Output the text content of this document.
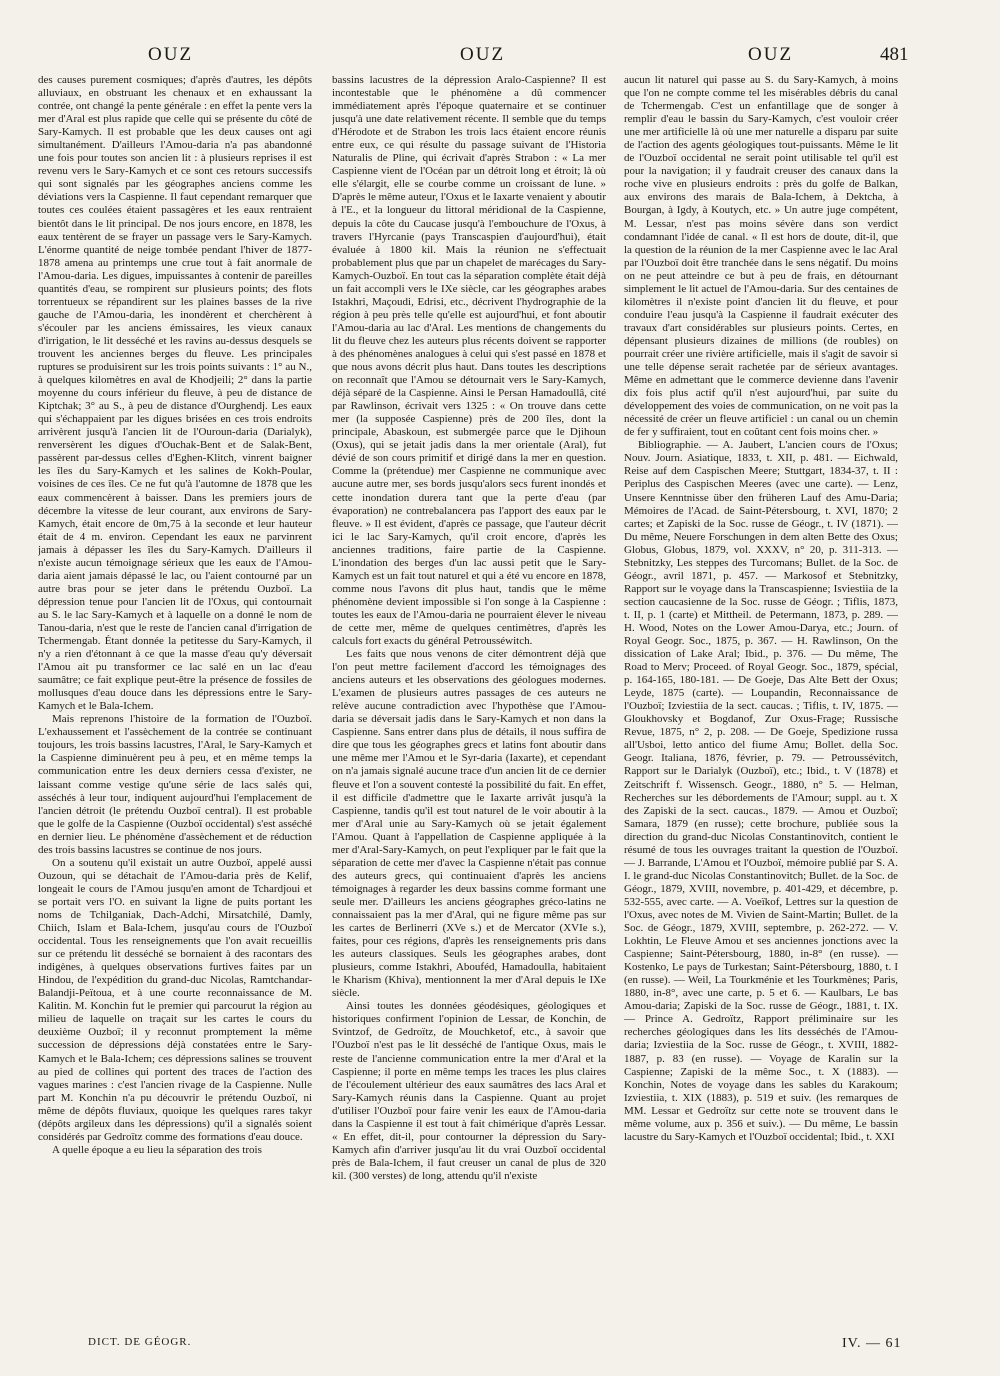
OUZ	OUZ	OUZ	481

des causes purement cosmiques; d'après d'autres, les dépôts alluviaux, en obstruant les chenaux et en exhaussant la contrée, ont changé la pente générale : en effet la pente vers la mer d'Aral est plus rapide que celle qui se présente du côté de Sary-Kamych. Il est probable que les deux causes ont agi simultanément. D'ailleurs l'Amou-daria n'a pas abandonné une fois pour toutes son ancien lit : à plusieurs reprises il est revenu vers le Sary-Kamych et ce sont ces retours successifs qui sont signalés par les géographes anciens comme les déviations vers la Caspienne. Il faut cependant remarquer que toutes ces coulées étaient passagères et les eaux rentraient bientôt dans le lit principal. De nos jours encore, en 1878, les eaux tentèrent de se frayer un passage vers le Sary-Kamych. L'énorme quantité de neige tombée pendant l'hiver de 1877-1878 amena au printemps une crue tout à fait anormale de l'Amou-daria. Les digues, impuissantes à contenir de pareilles quantités d'eau, se rompirent sur plusieurs points; des flots torrentueux se répandirent sur les plaines basses de la rive gauche de l'Amou-daria, les inondèrent et cherchèrent à s'écouler par les anciens émissaires, les vieux canaux d'irrigation, le lit desséché et les ravins au-dessus desquels se trouvent les anciennes berges du fleuve. Les principales ruptures se produisirent sur les trois points suivants : 1° au N., à quelques kilomètres en aval de Khodjeili; 2° dans la partie moyenne du cours inférieur du fleuve, à peu de distance de Kiptchak; 3° au S., à peu de distance d'Ourghendj. Les eaux qui s'échappaient par les digues brisées en ces trois endroits arrivèrent jusqu'à l'ancien lit de l'Ouroun-daria (Darialyk), renversèrent les digues d'Ouchak-Bent et de Salak-Bent, passèrent par-dessus celles d'Eghen-Klitch, vinrent baigner les îles du Sary-Kamych et les salines de Kokh-Poular, voisines de ces îles. Ce ne fut qu'à l'automne de 1878 que les eaux commencèrent à baisser. Dans les premiers jours de décembre la vitesse de leur courant, aux environs de Sary-Kamych, était encore de 0m,75 à la seconde et leur hauteur était de 4 m. environ. Cependant les eaux ne parvinrent jamais à dépasser les îles du Sary-Kamych. D'ailleurs il n'existe aucun témoignage sérieux que les eaux de l'Amou-daria aient jamais dépassé le lac, ou l'aient contourné par un autre bras pour se jeter dans le prétendu Ouzboï. La dépression tenue pour l'ancien lit de l'Oxus, qui contournait au S. le lac Sary-Kamych et à laquelle on a donné le nom de Tanou-daria, n'est que le reste de l'ancien canal d'irrigation de Tchermengab. Étant donnée la petitesse du Sary-Kamych, il n'y a rien d'étonnant à ce que la masse d'eau qu'y déversait l'Amou ait pu transformer ce lac salé en un lac d'eau saumâtre; ce fait explique peut-être la présence de fossiles de mollusques d'eau douce dans les dépressions entre le Sary-Kamych et le Bala-Ichem.

Mais reprenons l'histoire de la formation de l'Ouzboï. L'exhaussement et l'assèchement de la contrée se continuant toujours, les trois bassins lacustres, l'Aral, le Sary-Kamych et la Caspienne diminuèrent peu à peu, et en même temps la communication entre les deux derniers cessa d'exister, ne laissant comme vestige qu'une série de lacs salés qui, asséchés à leur tour, indiquent aujourd'hui l'emplacement de l'ancien détroit (le prétendu Ouzboï central). Il est probable que le golfe de la Caspienne (Ouzboï occidental) s'est asséché en dernier lieu. Le phénomène d'assèchement et de réduction des trois bassins lacustres se continue de nos jours.

On a soutenu qu'il existait un autre Ouzboï, appelé aussi Ouzoun, qui se détachait de l'Amou-daria près de Kelif, longeait le cours de l'Amou jusqu'en amont de Tchardjoui et se portait vers l'O. en suivant la ligne de puits portant les noms de Tchilganiak, Dach-Adchi, Mirsatchilé, Damly, Chiich, Islam et Bala-Ichem, jusqu'au cours de l'Ouzboï occidental. Tous les renseignements que l'on avait recueillis sur ce prétendu lit desséché se bornaient à des racontars des indigènes, à quelques observations furtives faites par un Hindou, de l'expédition du grand-duc Nicolas, Ramtchandar-Balandji-Peïtoua, et à une courte reconnaissance de M. Kalitin. M. Konchin fut le premier qui parcourut la région au milieu de laquelle on traçait sur les cartes le cours du deuxième Ouzboï; il y reconnut promptement la même succession de dépressions déjà constatées entre le Sary-Kamych et le Bala-Ichem; ces dépressions salines se trouvent au pied de collines qui portent des traces de l'action des vagues marines : c'est l'ancien rivage de la Caspienne. Nulle part M. Konchin n'a pu découvrir le prétendu Ouzboï, ni même de dépôts fluviaux, quoique les quelques rares takyr (dépôts argileux dans les dépressions) qu'il a signalés soient considérés par Gedroïtz comme des formations d'eau douce.

A quelle époque a eu lieu la séparation des trois

bassins lacustres de la dépression Aralo-Caspienne? Il est incontestable que le phénomène a dû commencer immédiatement après l'époque quaternaire et se continuer jusqu'à une date relativement récente. Il semble que du temps d'Hérodote et de Strabon les trois lacs étaient encore réunis entre eux, ce qui résulte du passage suivant de l'Historia Naturalis de Pline, qui écrivait d'après Strabon : « La mer Caspienne vient de l'Océan par un détroit long et étroit; là où elle s'élargit, elle se courbe comme un croissant de lune. » D'après le même auteur, l'Oxus et le Iaxarte venaient y aboutir à l'E., et la longueur du littoral méridional de la Caspienne, depuis la côte du Caucase jusqu'à l'embouchure de l'Oxus, à travers l'Hyrcanie (pays Transcaspien d'aujourd'hui), était évaluée à 1800 kil. Mais la réunion ne s'effectuait probablement plus que par un chapelet de marécages du Sary-Kamych-Ouzboï. En tout cas la séparation complète était déjà un fait accompli vers le IXe siècle, car les géographes arabes Istakhri, Maçoudi, Edrisi, etc., décrivent l'hydrographie de la région à peu près telle qu'elle est aujourd'hui, et font aboutir l'Amou-daria au lac d'Aral. Les mentions de changements du lit du fleuve chez les auteurs plus récents doivent se rapporter à des phénomènes analogues à celui qui s'est passé en 1878 et que nous avons décrit plus haut. Dans toutes les descriptions on reconnaît que l'Amou se détournait vers le Sary-Kamych, déjà séparé de la Caspienne. Ainsi le Persan Hamadoullâ, cité par Rawlinson, écrivait vers 1325 : « On trouve dans cette mer (la supposée Caspienne) près de 200 îles, dont la principale, Abaskoun, est submergée parce que le Djihoun (Oxus), qui se jetait jadis dans la mer orientale (Aral), fut dévié de son cours primitif et dirigé dans la mer en question. Comme la (prétendue) mer Caspienne ne communique avec aucune autre mer, ses bords jusqu'alors secs furent inondés et cette inondation durera tant que la perte d'eau (par évaporation) ne contrebalancera pas l'apport des eaux par le fleuve. » Il est évident, d'après ce passage, que l'auteur décrit ici le lac Sary-Kamych, qu'il croit encore, d'après les anciennes traditions, faire partie de la Caspienne. L'inondation des berges d'un lac aussi petit que le Sary-Kamych est un fait tout naturel et qui a été vu encore en 1878, comme nous l'avons dit plus haut, tandis que le même phénomène devient impossible si l'on songe à la Caspienne : toutes les eaux de l'Amou-daria ne pourraient élever le niveau de cette mer, même de quelques centimètres, d'après les calculs fort exacts du général Petrousséwitch.

Les faits que nous venons de citer démontrent déjà que l'on peut mettre facilement d'accord les témoignages des anciens auteurs et les observations des géologues modernes. L'examen de plusieurs autres passages de ces auteurs ne relève aucune contradiction avec l'hypothèse que l'Amou-daria se déversait jadis dans le Sary-Kamych et non dans la Caspienne. Sans entrer dans plus de détails, il nous suffira de dire que tous les géographes grecs et latins font aboutir dans une même mer l'Amou et le Syr-daria (Iaxarte), et cependant on n'a jamais signalé aucune trace d'un ancien lit de ce dernier fleuve et l'on a souvent contesté la possibilité du fait. En effet, il est difficile d'admettre que le Iaxarte arrivât jusqu'à la Caspienne, tandis qu'il est tout naturel de le voir aboutir à la mer d'Aral unie au Sary-Kamych où se jetait également l'Amou. Quant à l'appellation de Caspienne appliquée à la mer d'Aral-Sary-Kamych, on peut l'expliquer par le fait que la séparation de cette mer d'avec la Caspienne n'était pas connue des auteurs grecs, qui continuaient d'après les anciens témoignages à regarder les deux bassins comme formant une seule mer. D'ailleurs les anciens géographes gréco-latins ne connaissaient pas la mer d'Aral, qui ne figure même pas sur les cartes de Berlinerri (XVe s.) et de Mercator (XVIe s.), faites, pour ces régions, d'après les renseignements pris dans les auteurs classiques. Seuls les géographes arabes, dont plusieurs, comme Istakhri, Abouféd, Hamadoulla, habitaient le Kharism (Khiva), mentionnent la mer d'Aral depuis le IXe siècle.

Ainsi toutes les données géodésiques, géologiques et historiques confirment l'opinion de Lessar, de Konchin, de Svintzof, de Gedroïtz, de Mouchketof, etc., à savoir que l'Ouzboï n'est pas le lit desséché de l'antique Oxus, mais le reste de l'ancienne communication entre la mer d'Aral et la Caspienne; il porte en même temps les traces les plus claires de l'écoulement ultérieur des eaux saumâtres des lacs Aral et Sary-Kamych réunis dans la Caspienne. Quant au projet d'utiliser l'Ouzboï pour faire venir les eaux de l'Amou-daria dans la Caspienne il est tout à fait chimérique d'après Lessar. « En effet, dit-il, pour contourner la dépression du Sary-Kamych afin d'arriver jusqu'au lit du vrai Ouzboï occidental près de Bala-Ichem, il faut creuser un canal de plus de 320 kil. (300 verstes) de long, attendu qu'il n'existe

aucun lit naturel qui passe au S. du Sary-Kamych, à moins que l'on ne compte comme tel les misérables débris du canal de Tchermengab. C'est un enfantillage que de songer à remplir d'eau le bassin du Sary-Kamych, c'est vouloir créer une mer artificielle là où une mer naturelle a disparu par suite de l'action des agents géologiques tout-puissants. Même le lit de l'Ouzboï occidental ne serait point utilisable tel qu'il est pour la navigation; il y faudrait creuser des canaux dans la roche vive en plusieurs endroits : près du golfe de Balkan, aux environs des marais de Bala-Ichem, à Dektcha, à Bourgan, à Igdy, à Koutych, etc. » Un autre juge compétent, M. Lessar, n'est pas moins sévère dans son verdict condamnant l'idée de canal. « Il est hors de doute, dit-il, que la question de la réunion de la mer Caspienne avec le lac Aral par l'Ouzboï doit être tranchée dans le sens négatif. Du moins on ne peut atteindre ce but à peu de frais, en détournant simplement le lit actuel de l'Amou-daria. Sur des centaines de kilomètres il n'existe point d'ancien lit du fleuve, et pour conduire l'eau jusqu'à la Caspienne il faudrait exécuter des travaux d'art considérables sur plusieurs points. Certes, en dépensant plusieurs dizaines de millions (de roubles) on pourrait créer une rivière artificielle, mais il s'agit de savoir si une telle dépense serait rachetée par de sérieux avantages. Même en admettant que le commerce devienne dans l'avenir dix fois plus actif qu'il n'est aujourd'hui, par suite du développement des voies de communication, on ne voit pas la nécessité de créer un fleuve artificiel : un canal ou un chemin de fer y suffiraient, tout en coûtant cent fois moins cher. »

Bibliographie. — A. Jaubert, L'ancien cours de l'Oxus; Nouv. Journ. Asiatique, 1833, t. XII, p. 481. — Eichwald, Reise auf dem Caspischen Meere; Stuttgart, 1834-37, t. II : Periplus des Caspischen Meeres (avec une carte). — Lenz, Unsere Kenntnisse über den früheren Lauf des Amu-Daria; Mémoires de l'Acad. de Saint-Pétersbourg, t. XVI, 1870; 2 cartes; et Zapiski de la Soc. russe de Géogr., t. IV (1871). — Du même, Neuere Forschungen in dem alten Bette des Oxus; Globus, Globus, 1879, vol. XXXV, n° 20, p. 311-313. — Stebnitzky, Les steppes des Turcomans; Bullet. de la Soc. de Géogr., avril 1871, p. 457. — Markosof et Stebnitzky, Rapport sur le voyage dans la Transcaspienne; Isviestiia de la section caucasienne de la Soc. russe de Géogr. ; Tiflis, 1873, t. II, p. 1 (carte) et Mittheil. de Petermann, 1873, p. 289. — H. Wood, Notes on the Lower Amou-Darya, etc.; Journ. of Royal Geogr. Soc., 1875, p. 367. — H. Rawlinson, On the dissication of Lake Aral; Ibid., p. 376. — Du même, The Road to Merv; Proceed. of Royal Geogr. Soc., 1879, spécial, p. 164-165, 180-181. — De Goeje, Das Alte Bett der Oxus; Leyde, 1875 (carte). — Loupandin, Reconnaissance de l'Ouzboï; Izviestiia de la sect. caucas. ; Tiflis, t. IV, 1875. — Gloukhovsky et Bogdanof, Zur Oxus-Frage; Russische Revue, 1875, n° 2, p. 208. — De Goeje, Spedizione russa all'Usboi, letto antico del fiume Amu; Bollet. della Soc. Geogr. Italiana, 1876, février, p. 79. — Petroussévitch, Rapport sur le Darialyk (Ouzboï), etc.; Ibid., t. V (1878) et Zeitschrift f. Wissensch. Geogr., 1880, n° 5. — Helman, Recherches sur les débordements de l'Amour; suppl. au t. X des Zapiski de la sect. caucas., 1879. — Amou et Ouzboï; Samara, 1879 (en russe); cette brochure, publiée sous la direction du grand-duc Nicolas Constantinovitch, contient le résumé de tous les ouvrages traitant la question de l'Ouzboï. — J. Barrande, L'Amou et l'Ouzboï, mémoire publié par S. A. I. le grand-duc Nicolas Constantinovitch; Bullet. de la Soc. de Géogr., 1879, XVIII, novembre, p. 401-429, et décembre, p. 532-555, avec carte. — A. Voeïkof, Lettres sur la question de l'Oxus, avec notes de M. Vivien de Saint-Martin; Bullet. de la Soc. de Géogr., 1879, XVIII, septembre, p. 262-272. — V. Lokhtin, Le Fleuve Amou et ses anciennes jonctions avec la Caspienne; Saint-Pétersbourg, 1880, in-8° (en russe). — Kostenko, Le pays de Turkestan; Saint-Pétersbourg, 1880, t. I (en russe). — Weil, La Tourkménie et les Tourkmènes; Paris, 1880, in-8°, avec une carte, p. 5 et 6. — Kaulbars, Le bas Amou-daria; Zapiski de la Soc. russe de Géogr., 1881, t. IX. — Prince A. Gedroïtz, Rapport préliminaire sur les recherches géologiques dans les lits desséchés de l'Amou-daria; Izviestiia de la Soc. russe de Géogr., t. XVIII, 1882-1887, p. 83 (en russe). — Voyage de Karalin sur la Caspienne; Zapiski de la même Soc., t. X (1883). — Konchin, Notes de voyage dans les sables du Karakoum; Izviestiia, t. XIX (1883), p. 519 et suiv. (les remarques de MM. Lessar et Gedroïtz sur cette note se trouvent dans le même volume, aux p. 356 et suiv.). — Du même, Le bassin lacustre du Sary-Kamych et l'Ouzboï occidental; Ibid., t. XXI

DICT. DE GÉOGR.	IV. — 61
